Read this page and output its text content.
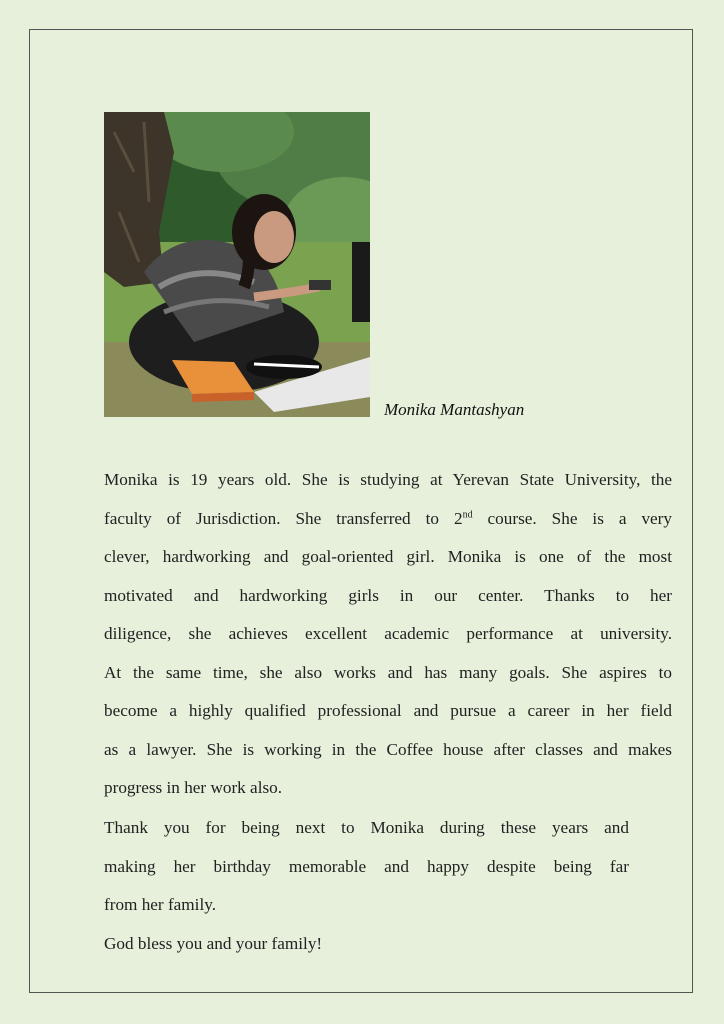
Monika Mantashyan
Monika is 19 years old. She is studying at Yerevan State University, the
faculty of Jurisdiction. She transferred to 2nd course. She is a very
clever, hardworking and goal-oriented girl. Monika is one of the most
motivated and hardworking girls in our center. Thanks to her
diligence, she achieves excellent academic performance at university.
At the same time, she also works and has many goals. She aspires to
become a highly qualified professional and pursue a career in her field
as a lawyer. She is working in the Coffee house after classes and makes
progress in her work also.
Thank you for being next to Monika during these years and
making her birthday memorable and happy despite being far
from her family.
God bless you and your family!
